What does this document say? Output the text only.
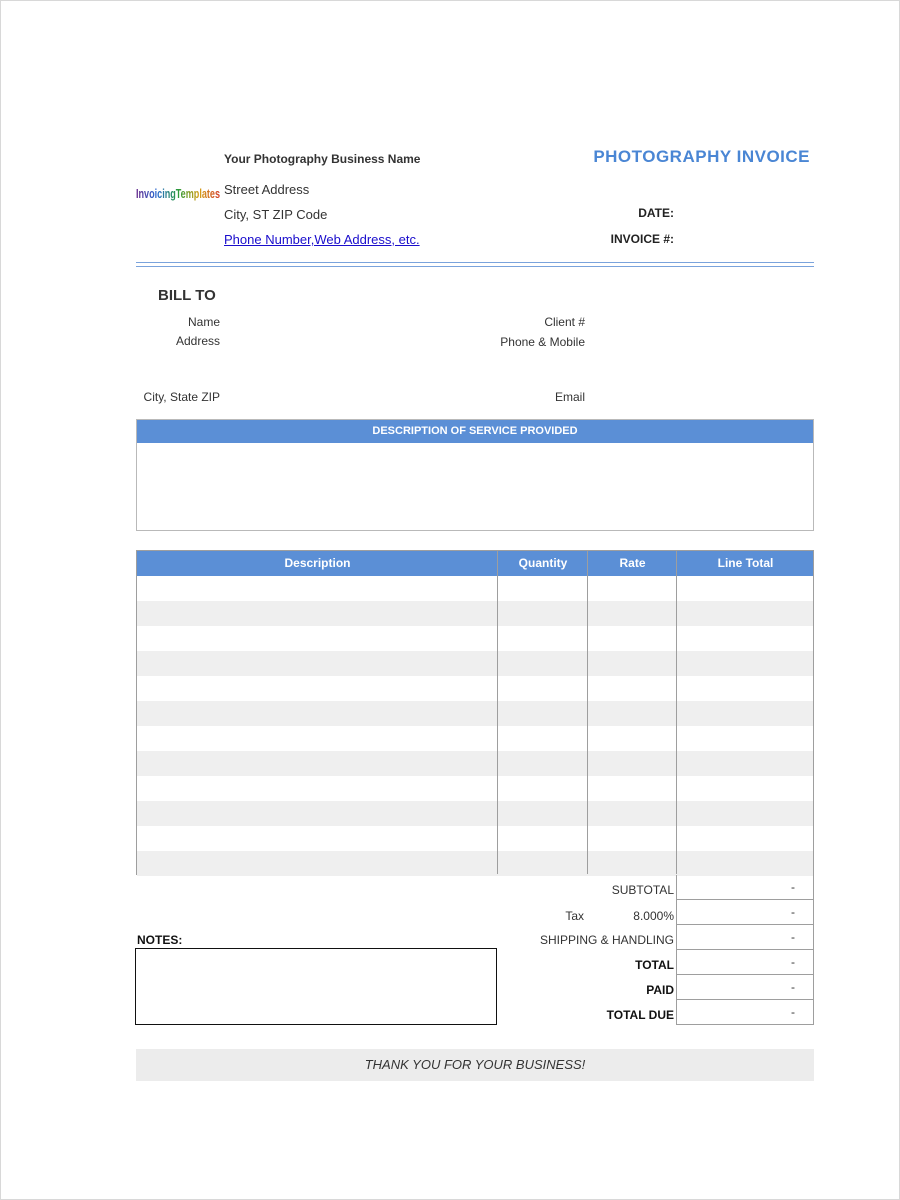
InvoicingTemplates
Your Photography Business Name
Street Address
City, ST ZIP Code
Phone Number,Web Address, etc.
PHOTOGRAPHY INVOICE
DATE:
INVOICE #:
BILL TO
Name
Address
City, State ZIP
Client #
Phone & Mobile
Email
DESCRIPTION OF SERVICE PROVIDED
Description	Quantity	Rate	Line Total
SUBTOTAL	-
Tax	8.000%	-
SHIPPING & HANDLING	-
TOTAL	-
PAID	-
TOTAL DUE	-
NOTES:
THANK YOU FOR YOUR BUSINESS!
